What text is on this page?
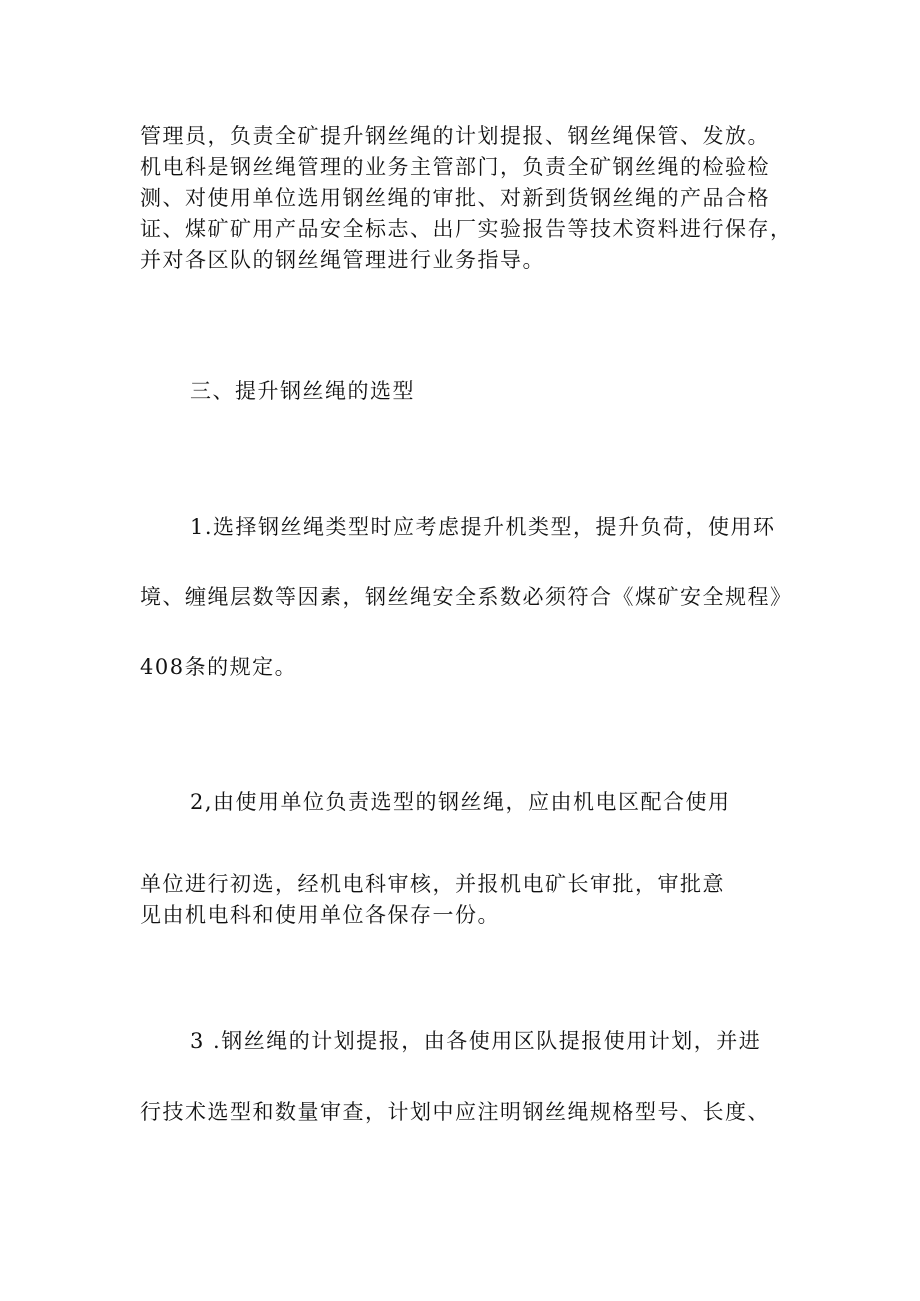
管理员，负责全矿提升钢丝绳的计划提报、钢丝绳保管、发放。
机电科是钢丝绳管理的业务主管部门，负责全矿钢丝绳的检验检
测、对使用单位选用钢丝绳的审批、对新到货钢丝绳的产品合格
证、煤矿矿用产品安全标志、出厂实验报告等技术资料进行保存，
并对各区队的钢丝绳管理进行业务指导。
三、提升钢丝绳的选型
1.选择钢丝绳类型时应考虑提升机类型，提升负荷，使用环
境、缠绳层数等因素，钢丝绳安全系数必须符合《煤矿安全规程》
408条的规定。
2,由使用单位负责选型的钢丝绳，应由机电区配合使用
单位进行初选，经机电科审核，并报机电矿长审批，审批意
见由机电科和使用单位各保存一份。
3 .钢丝绳的计划提报，由各使用区队提报使用计划，并进
行技术选型和数量审查，计划中应注明钢丝绳规格型号、长度、
